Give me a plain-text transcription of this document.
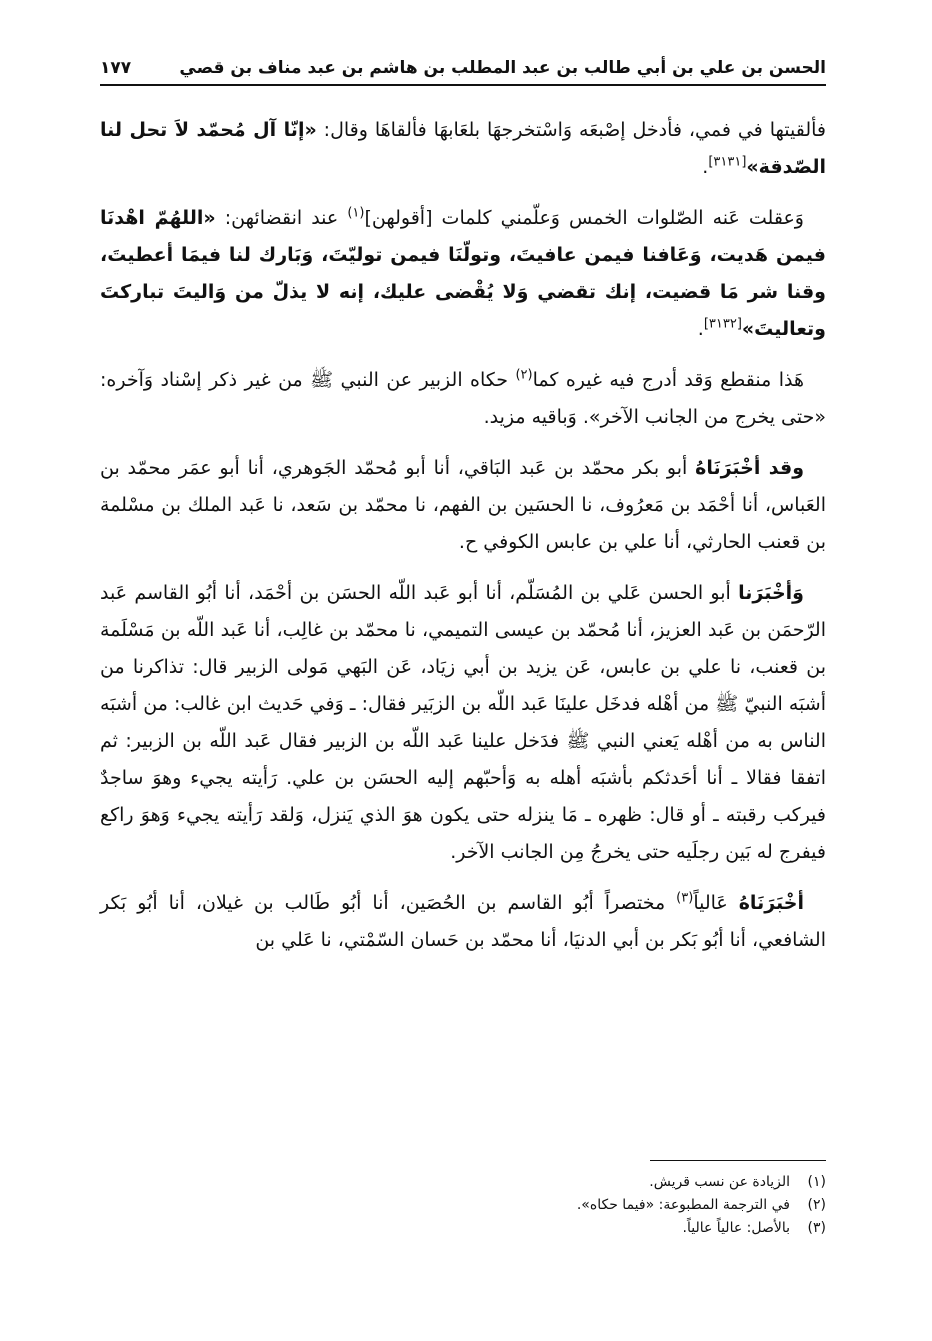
الحسن بن علي بن أبي طالب بن عبد المطلب بن هاشم بن عبد مناف بن قصي
١٧٧

فألقيتها في فمي، فأدخل إصْبعَه وَاسْتخرجهَا بلعَابهَا فألقاهَا وقال: «إنّا آل مُحمّد لاَ تحل لنا الصّدقة»[٣١٣١].

وَعقلت عَنه الصّلوات الخمس وَعلّمني كلمات [أقولهن]$^{(١)}$ عند انقضائهن: «اللهُمّ اهْدنَا فيمن هَديت، وَعَافنا فيمن عافيتَ، وتولّنَا فيمن توليّتَ، وَبَارك لنا فيمَا أعطيتَ، وقنا شر مَا قضيت، إنك تقضي وَلا يُقْضى عليك، إنه لا يذلّ من وَاليتَ تباركتَ وتعاليتَ»[٣١٣٢].

هَذا منقطع وَقد أدرج فيه غيره كما$^{(٢)}$ حكاه الزبير عن النبي ﷺ من غير ذكر إسْناد وَآخره: «حتى يخرج من الجانب الآخر». وَباقيه مزيد.

وقد أخْبَرَنَاهُ أبو بكر محمّد بن عَبد البَاقي، أنا أبو مُحمّد الجَوهري، أنا أبو عمَر محمّد بن العَباس، أنا أحْمَد بن مَعرُوف، نا الحسَين بن الفهم، نا محمّد بن سَعد، نا عَبد الملك بن مسْلمة بن قعنب الحارثي، أنا علي بن عابس الكوفي ح.

وَأخْبَرَنا أبو الحسن عَلي بن المُسَلّم، أنا أبو عَبد اللّه الحسَن بن أحْمَد، أنا أبُو القاسم عَبد الرّحمَن بن عَبد العزيز، أنا مُحمّد بن عيسى التميمي، نا محمّد بن غالِب، أنا عَبد اللّه بن مَسْلَمة بن قعنب، نا علي بن عابس، عَن يزيد بن أبي زيَاد، عَن البَهي مَولى الزبير قال: تذاكرنا من أشبَه النبيّ ﷺ من أهْله فدخَل علينَا عَبد اللّه بن الزبَير فقال: ـ وَفي حَديث ابن غالب: من أشبَه الناس به من أهْله يَعني النبي ﷺ فدَخل علينا عَبد اللّه بن الزبير فقال عَبد اللّه بن الزبير: ثم اتفقا فقالا ـ أنا أحَدثكم بأشبَه أهله به وَأحبّهم إليه الحسَن بن علي. رَأيته يجيء وهوَ ساجدٌ فيركب رقبته ـ أو قال: ظهره ـ مَا ينزله حتى يكون هوَ الذي يَنزل، وَلقد رَأيته يجيء وَهوَ راكع فيفرج له بَين رجلَيه حتى يخرجُ مِن الجانب الآخر.

أخْبَرَنَاهُ عَالياً$^{(٣)}$ مختصراً أبُو القاسم بن الحُصَين، أنا أبُو طَالب بن غيلان، أنا أبُو بَكر الشافعي، أنا أبُو بَكر بن أبي الدنيَا، أنا محمّد بن حَسان السّمْتي، نا عَلي بن

(١)
الزيادة عن نسب قريش.
(٢)
في الترجمة المطبوعة: «فيما حكاه».
(٣)
بالأصل: عالياً عالياً.
